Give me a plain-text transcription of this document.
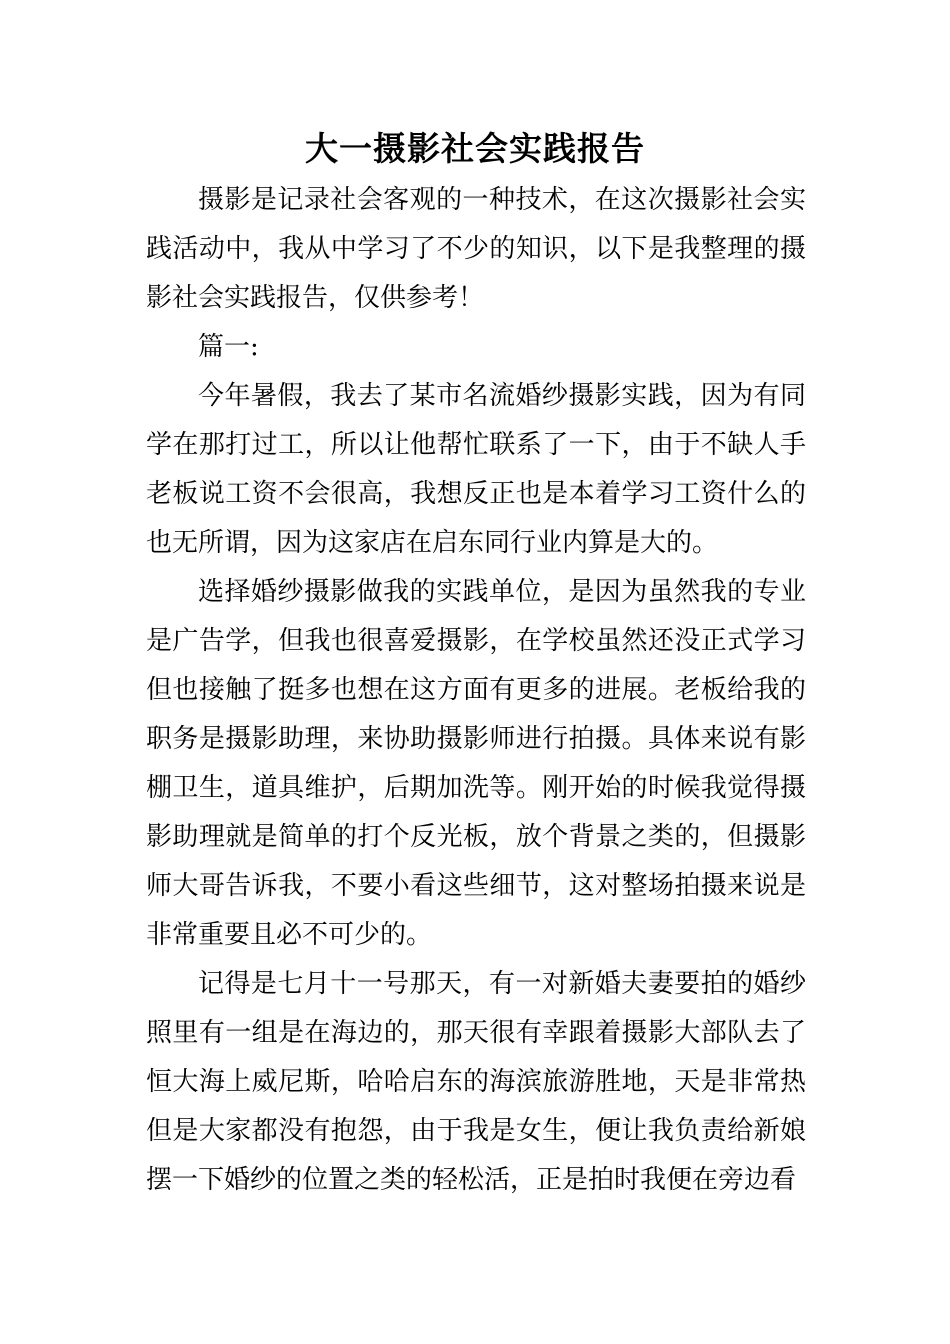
大一摄影社会实践报告

摄影是记录社会客观的一种技术，在这次摄影社会实践活动中，我从中学习了不少的知识，以下是我整理的摄影社会实践报告，仅供参考！

篇一:

今年暑假，我去了某市名流婚纱摄影实践，因为有同学在那打过工，所以让他帮忙联系了一下，由于不缺人手老板说工资不会很高，我想反正也是本着学习工资什么的也无所谓，因为这家店在启东同行业内算是大的。

选择婚纱摄影做我的实践单位，是因为虽然我的专业是广告学，但我也很喜爱摄影，在学校虽然还没正式学习但也接触了挺多也想在这方面有更多的进展。老板给我的职务是摄影助理，来协助摄影师进行拍摄。具体来说有影棚卫生，道具维护，后期加洗等。刚开始的时候我觉得摄影助理就是简单的打个反光板，放个背景之类的，但摄影师大哥告诉我，不要小看这些细节，这对整场拍摄来说是非常重要且必不可少的。

记得是七月十一号那天，有一对新婚夫妻要拍的婚纱照里有一组是在海边的，那天很有幸跟着摄影大部队去了恒大海上威尼斯，哈哈启东的海滨旅游胜地，天是非常热但是大家都没有抱怨，由于我是女生，便让我负责给新娘摆一下婚纱的位置之类的轻松活，正是拍时我便在旁边看
